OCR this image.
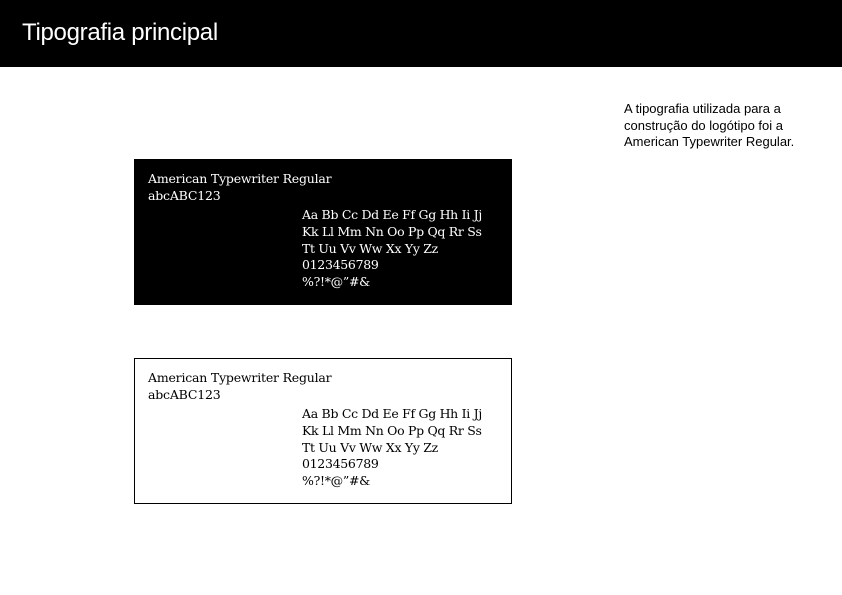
Tipografia principal
A tipografia utilizada para a construção do logótipo foi a American Typewriter Regular.
American Typewriter Regular
abcABC123
Aa Bb Cc Dd Ee Ff Gg Hh Ii Jj
Kk Ll Mm Nn Oo Pp Qq Rr Ss
Tt Uu Vv Ww Xx Yy Zz
0123456789
%?!*@”#&
American Typewriter Regular
abcABC123
Aa Bb Cc Dd Ee Ff Gg Hh Ii Jj
Kk Ll Mm Nn Oo Pp Qq Rr Ss
Tt Uu Vv Ww Xx Yy Zz
0123456789
%?!*@”#&
